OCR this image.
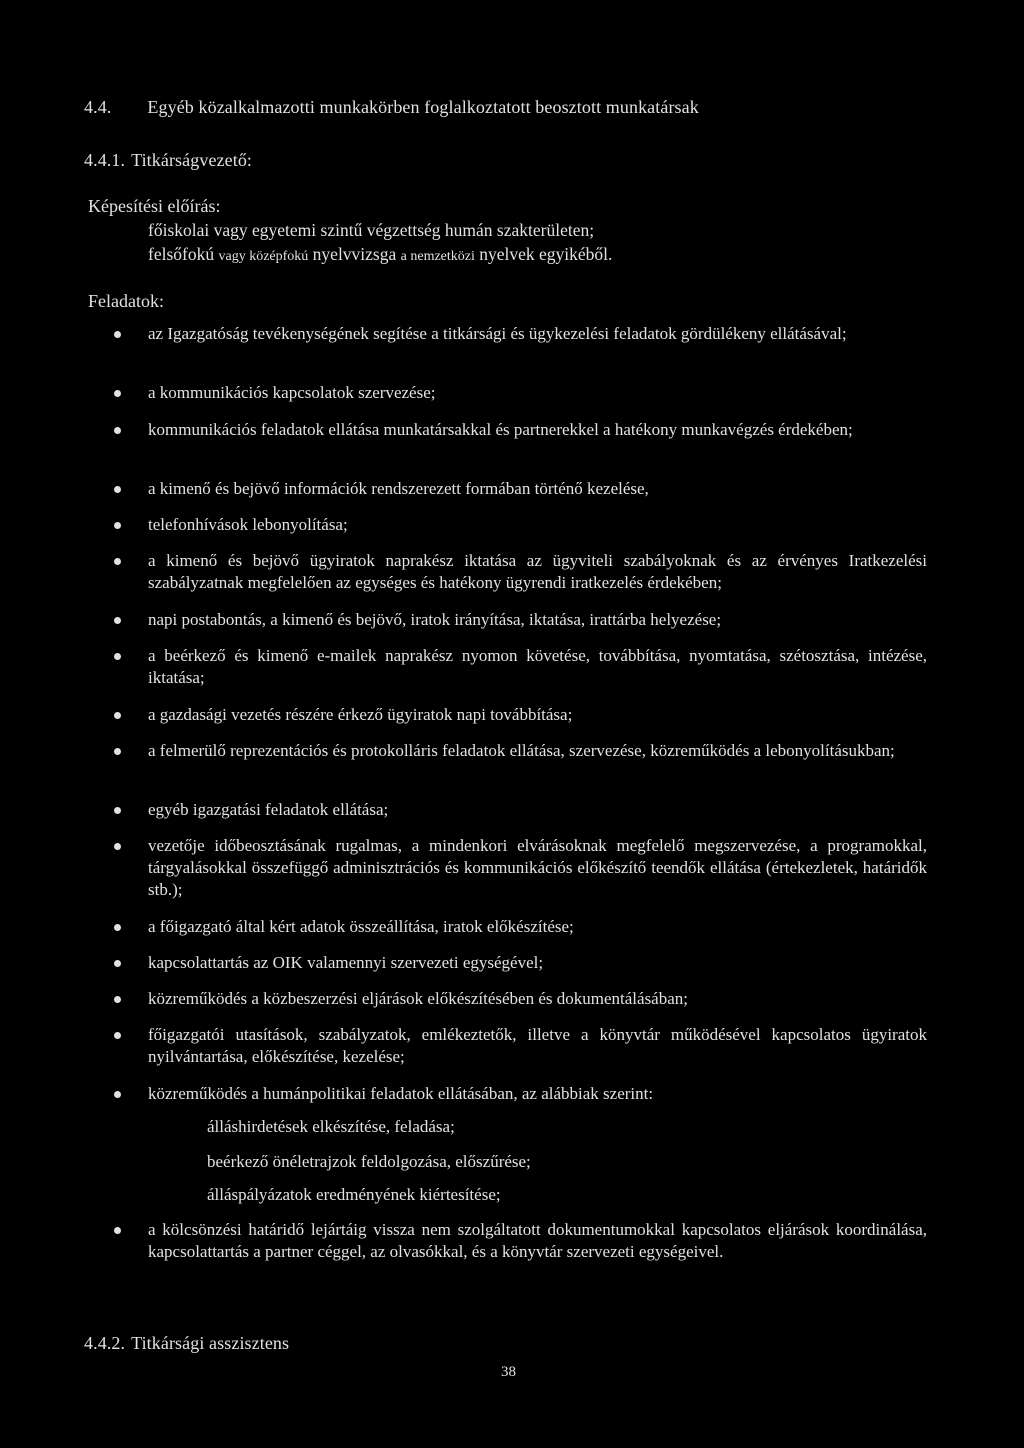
4.4. Egyéb közalkalmazotti munkakörben foglalkoztatott beosztott munkatársak
4.4.1. Titkárságvezető:
Képesítési előírás:
főiskolai vagy egyetemi szintű végzettség humán szakterületen;
felsőfokú vagy középfokú nyelvvizsga a nemzetközi nyelvek egyikéből.
Feladatok:
az Igazgatóság tevékenységének segítése a titkársági és ügykezelési feladatok gördülékeny ellátásával;
a kommunikációs kapcsolatok szervezése;
kommunikációs feladatok ellátása munkatársakkal és partnerekkel a hatékony munkavégzés érdekében;
a kimenő és bejövő információk rendszerezett formában történő kezelése,
telefonhívások lebonyolítása;
a kimenő és bejövő ügyiratok naprakész iktatása az ügyviteli szabályoknak és az érvényes Iratkezelési szabályzatnak megfelelően az egységes és hatékony ügyrendi iratkezelés érdekében;
napi postabontás, a kimenő és bejövő, iratok irányítása, iktatása, irattárba helyezése;
a beérkező és kimenő e-mailek naprakész nyomon követése, továbbítása, nyomtatása, szétosztása, intézése, iktatása;
a gazdasági vezetés részére érkező ügyiratok napi továbbítása;
a felmerülő reprezentációs és protokolláris feladatok ellátása, szervezése, közreműködés a lebonyolításukban;
egyéb igazgatási feladatok ellátása;
vezetője időbeosztásának rugalmas, a mindenkori elvárásoknak megfelelő megszervezése, a programokkal, tárgyalásokkal összefüggő adminisztrációs és kommunikációs előkészítő teendők ellátása (értekezletek, határidők stb.);
a főigazgató által kért adatok összeállítása, iratok előkészítése;
kapcsolattartás az OIK valamennyi szervezeti egységével;
közreműködés a közbeszerzési eljárások előkészítésében és dokumentálásában;
főigazgatói utasítások, szabályzatok, emlékeztetők, illetve a könyvtár működésével kapcsolatos ügyiratok nyilvántartása, előkészítése, kezelése;
közreműködés a humánpolitikai feladatok ellátásában, az alábbiak szerint:
a kölcsönzési határidő lejártáig vissza nem szolgáltatott dokumentumokkal kapcsolatos eljárások koordinálása, kapcsolattartás a partner céggel, az olvasókkal, és a könyvtár szervezeti egységeivel.
álláshirdetések elkészítése, feladása;
beérkező önéletrajzok feldolgozása, előszűrése;
álláspályázatok eredményének kiértesítése;
4.4.2. Titkársági asszisztens
38
